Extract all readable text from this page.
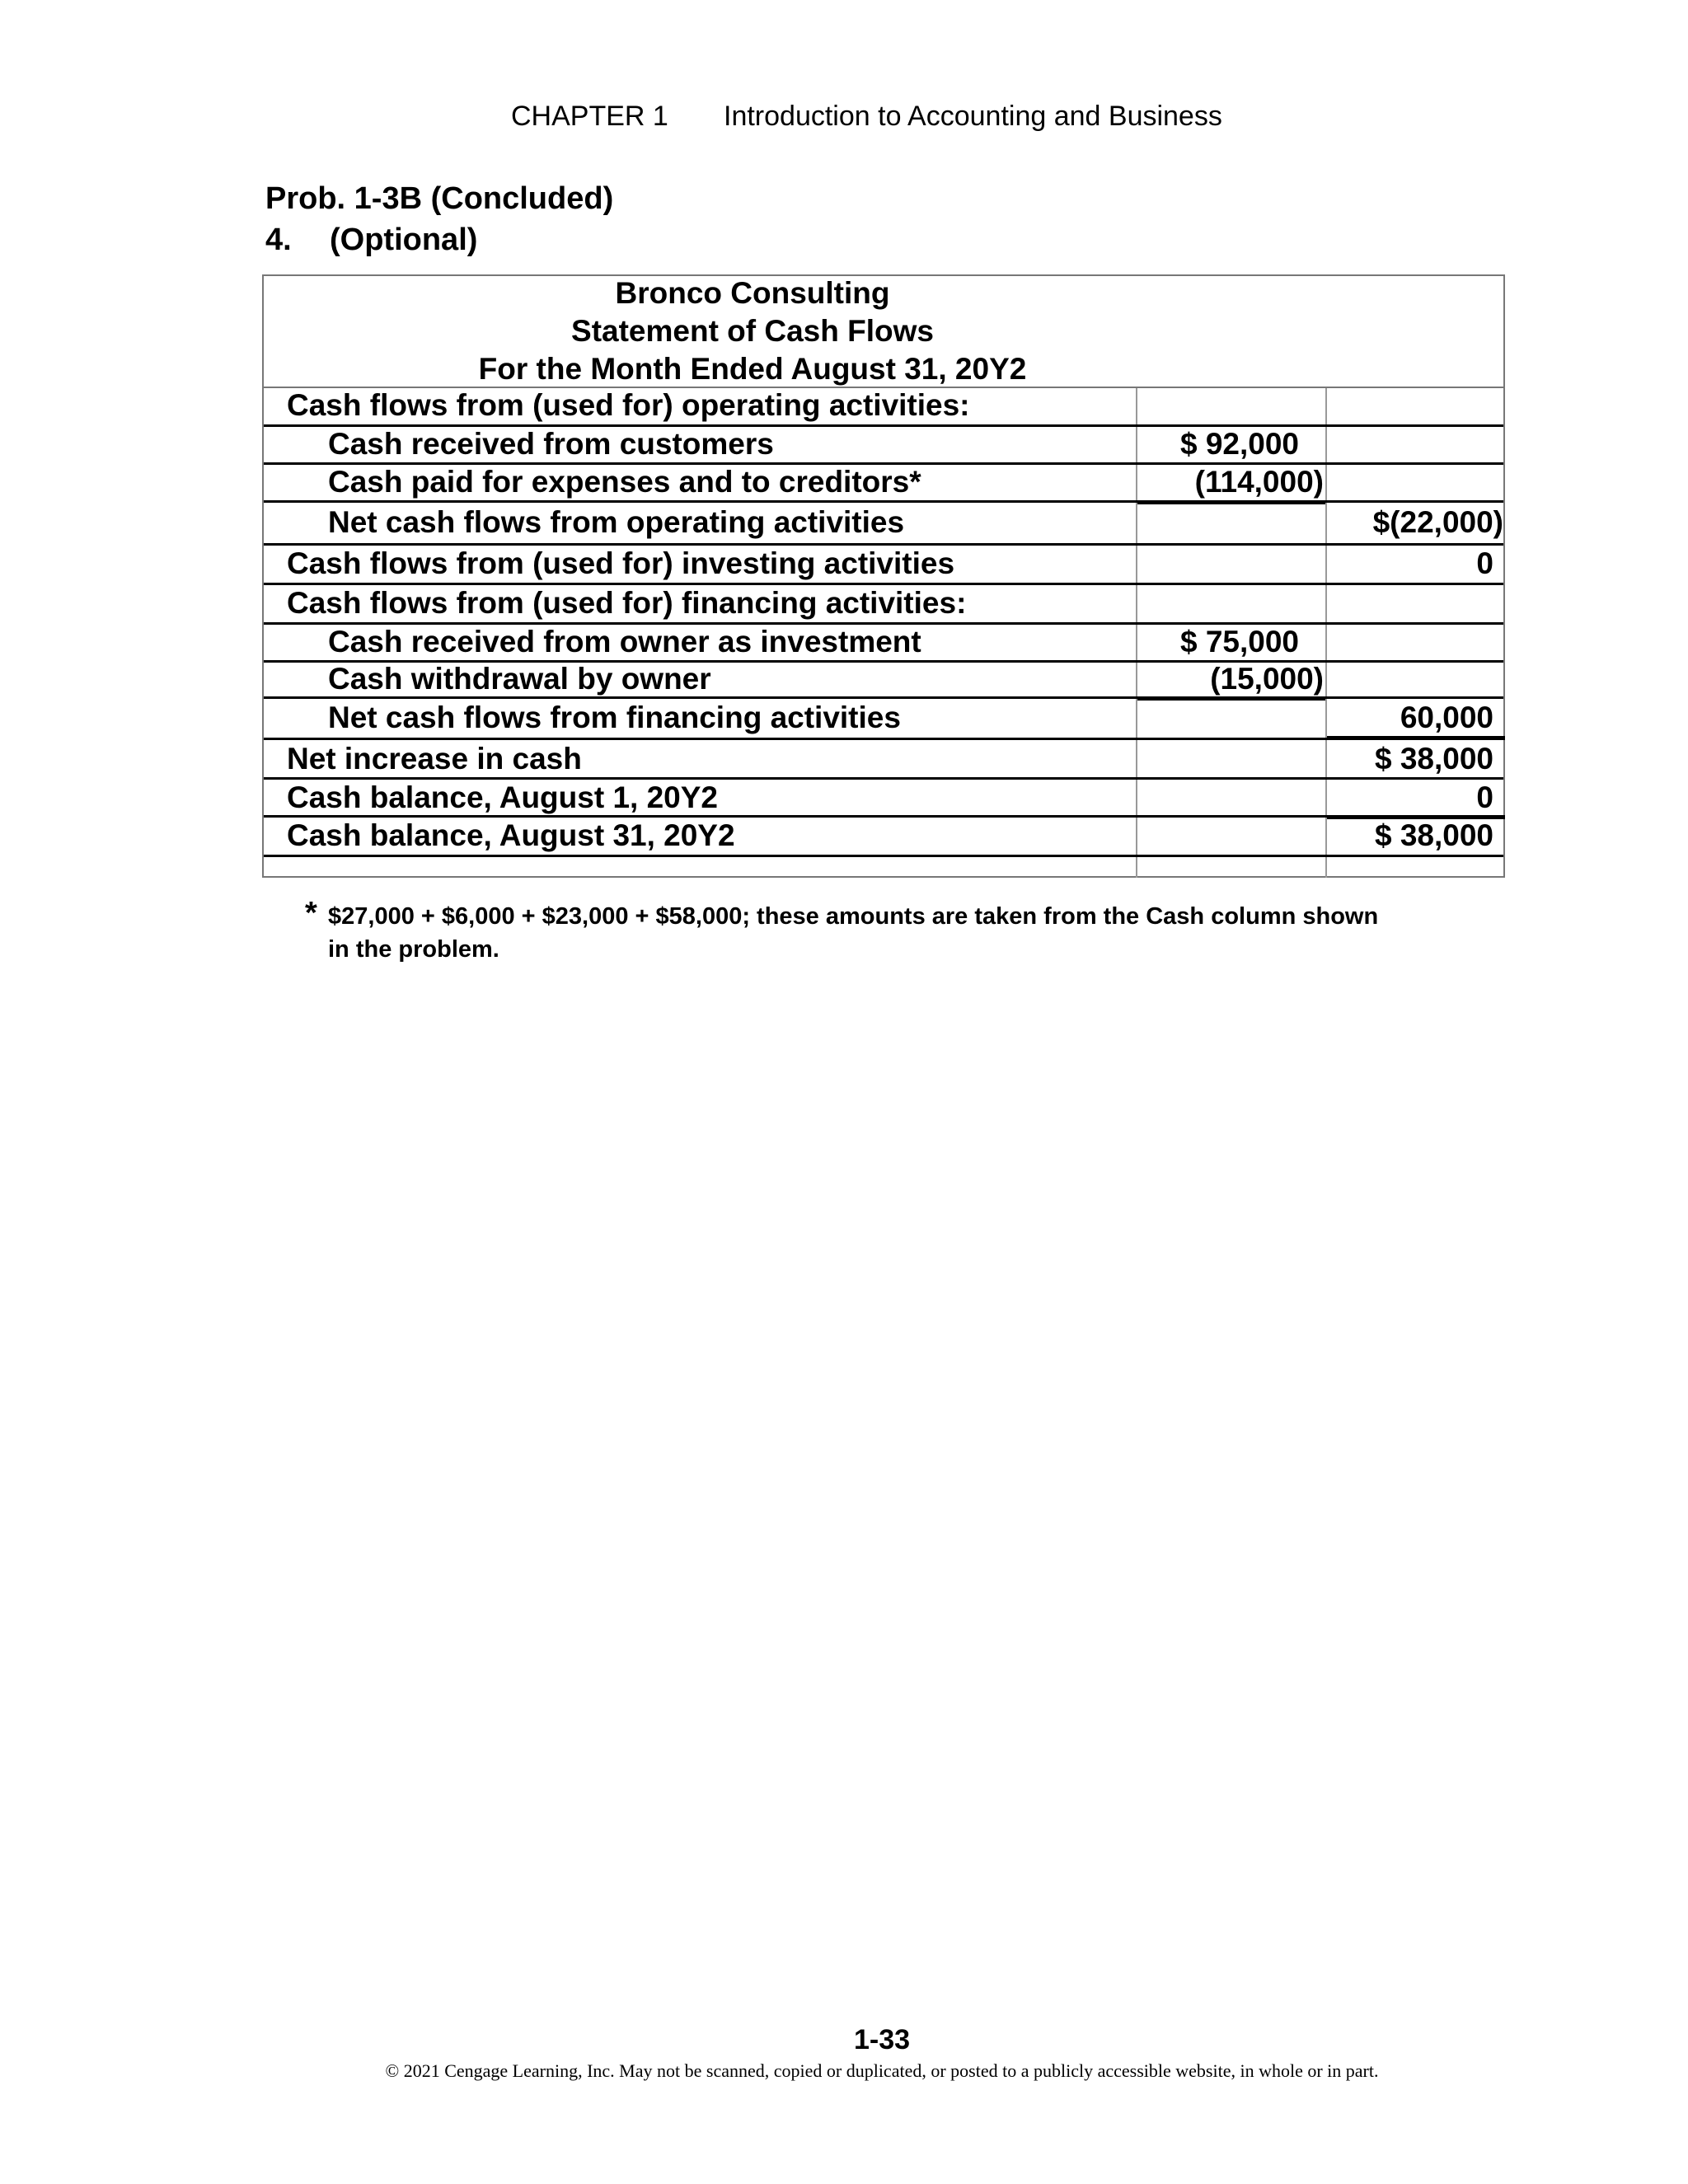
CHAPTER 1 Introduction to Accounting and Business
Prob. 1-3B (Concluded)
4. (Optional)
Bronco Consulting
Statement of Cash Flows
For the Month Ended August 31, 20Y2
Cash flows from (used for) operating activities:
Cash received from customers	$ 92,000
Cash paid for expenses and to creditors*	(114,000)
Net cash flows from operating activities	$(22,000)
Cash flows from (used for) investing activities	0
Cash flows from (used for) financing activities:
Cash received from owner as investment	$ 75,000
Cash withdrawal by owner	(15,000)
Net cash flows from financing activities	60,000
Net increase in cash	$ 38,000
Cash balance, August 1, 20Y2	0
Cash balance, August 31, 20Y2	$ 38,000
* $27,000 + $6,000 + $23,000 + $58,000; these amounts are taken from the Cash column shown
in the problem.
1-33
© 2021 Cengage Learning, Inc. May not be scanned, copied or duplicated, or posted to a publicly accessible website, in whole or in part.
